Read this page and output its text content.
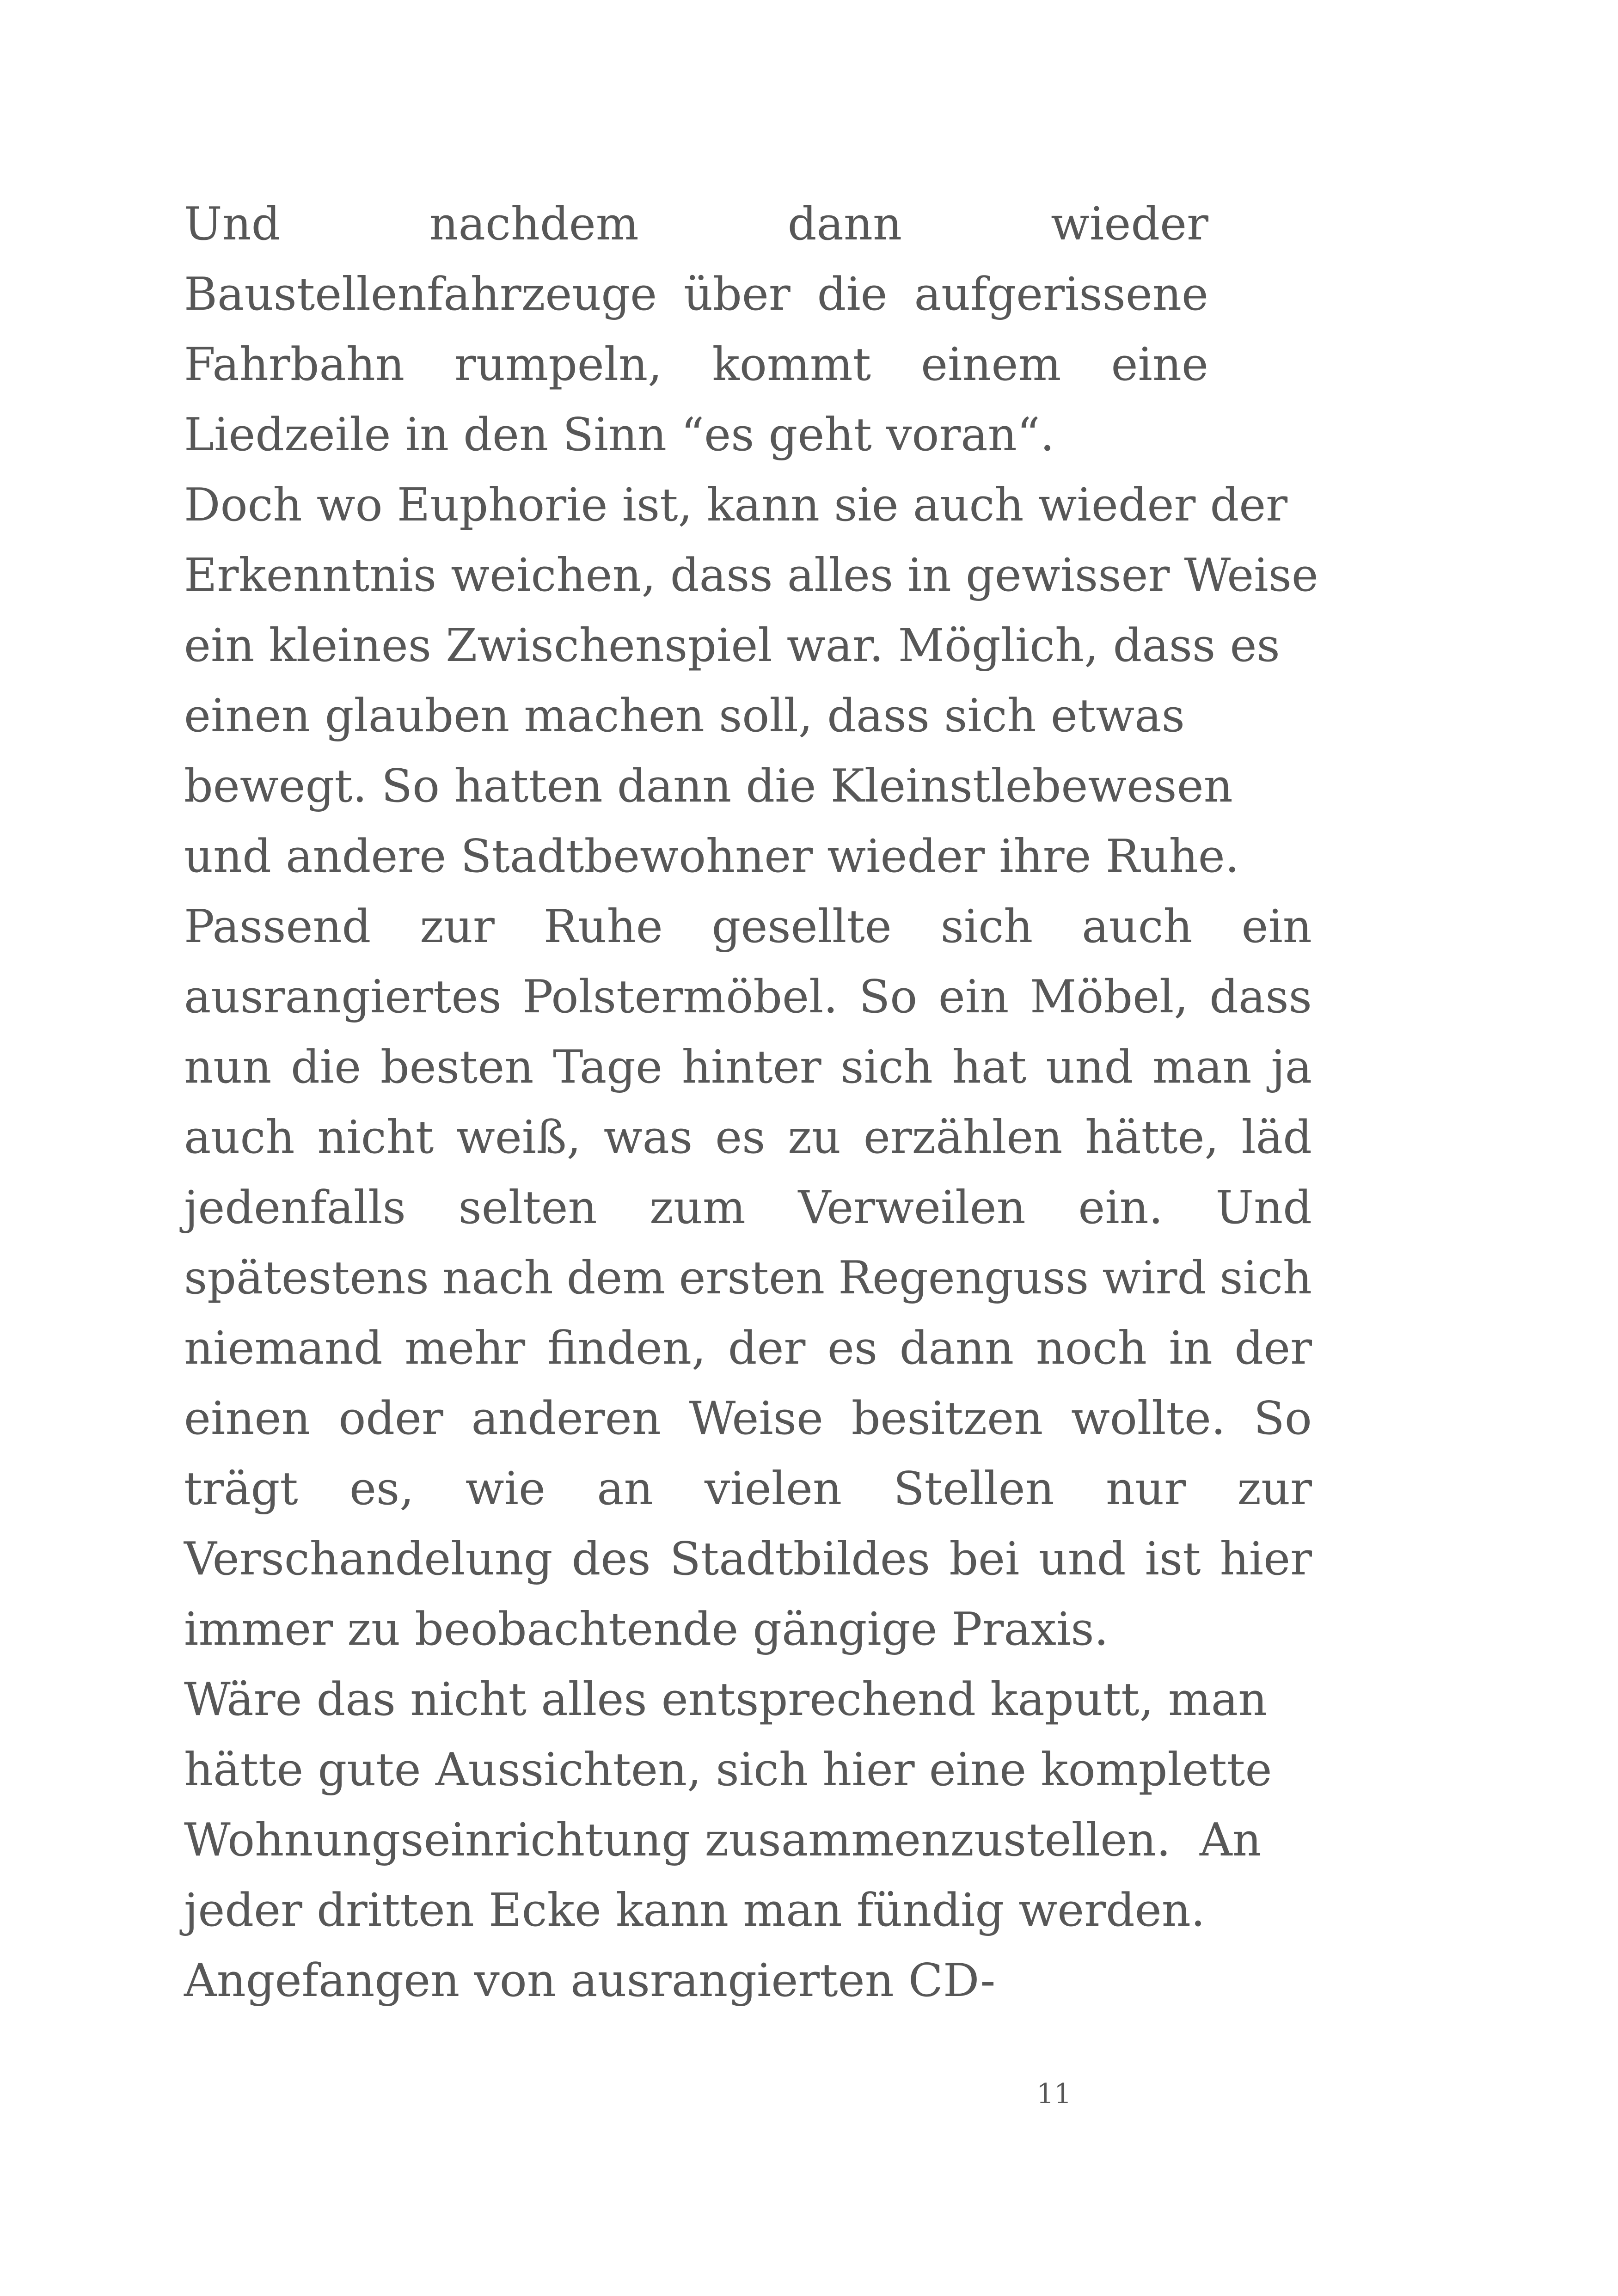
Und	nachdem	dann	wieder

Baustellenfahrzeuge über die aufgerissene

Fahrbahn rumpeln, kommt einem eine

Liedzeile in den Sinn “es geht voran“.

Doch wo Euphorie ist, kann sie auch wieder der

Erkenntnis weichen, dass alles in gewisser Weise

ein kleines Zwischenspiel war. Möglich, dass es

einen glauben machen soll, dass sich etwas

bewegt. So hatten dann die Kleinstlebewesen

und andere Stadtbewohner wieder ihre Ruhe.

Passend zur Ruhe gesellte sich auch ein

ausrangiertes Polstermöbel. So ein Möbel, dass

nun die besten Tage hinter sich hat und man ja

auch nicht weiß, was es zu erzählen hätte, läd

jedenfalls selten zum Verweilen ein. Und

spätestens nach dem ersten Regenguss wird sich

niemand mehr finden, der es dann noch in der

einen oder anderen Weise besitzen wollte. So

trägt es, wie an vielen Stellen nur zur

Verschandelung des Stadtbildes bei und ist hier

immer zu beobachtende gängige Praxis.

Wäre das nicht alles entsprechend kaputt, man

hätte gute Aussichten, sich hier eine komplette

Wohnungseinrichtung zusammenzustellen.  An

jeder dritten Ecke kann man fündig werden.

Angefangen von ausrangierten CD-

11
